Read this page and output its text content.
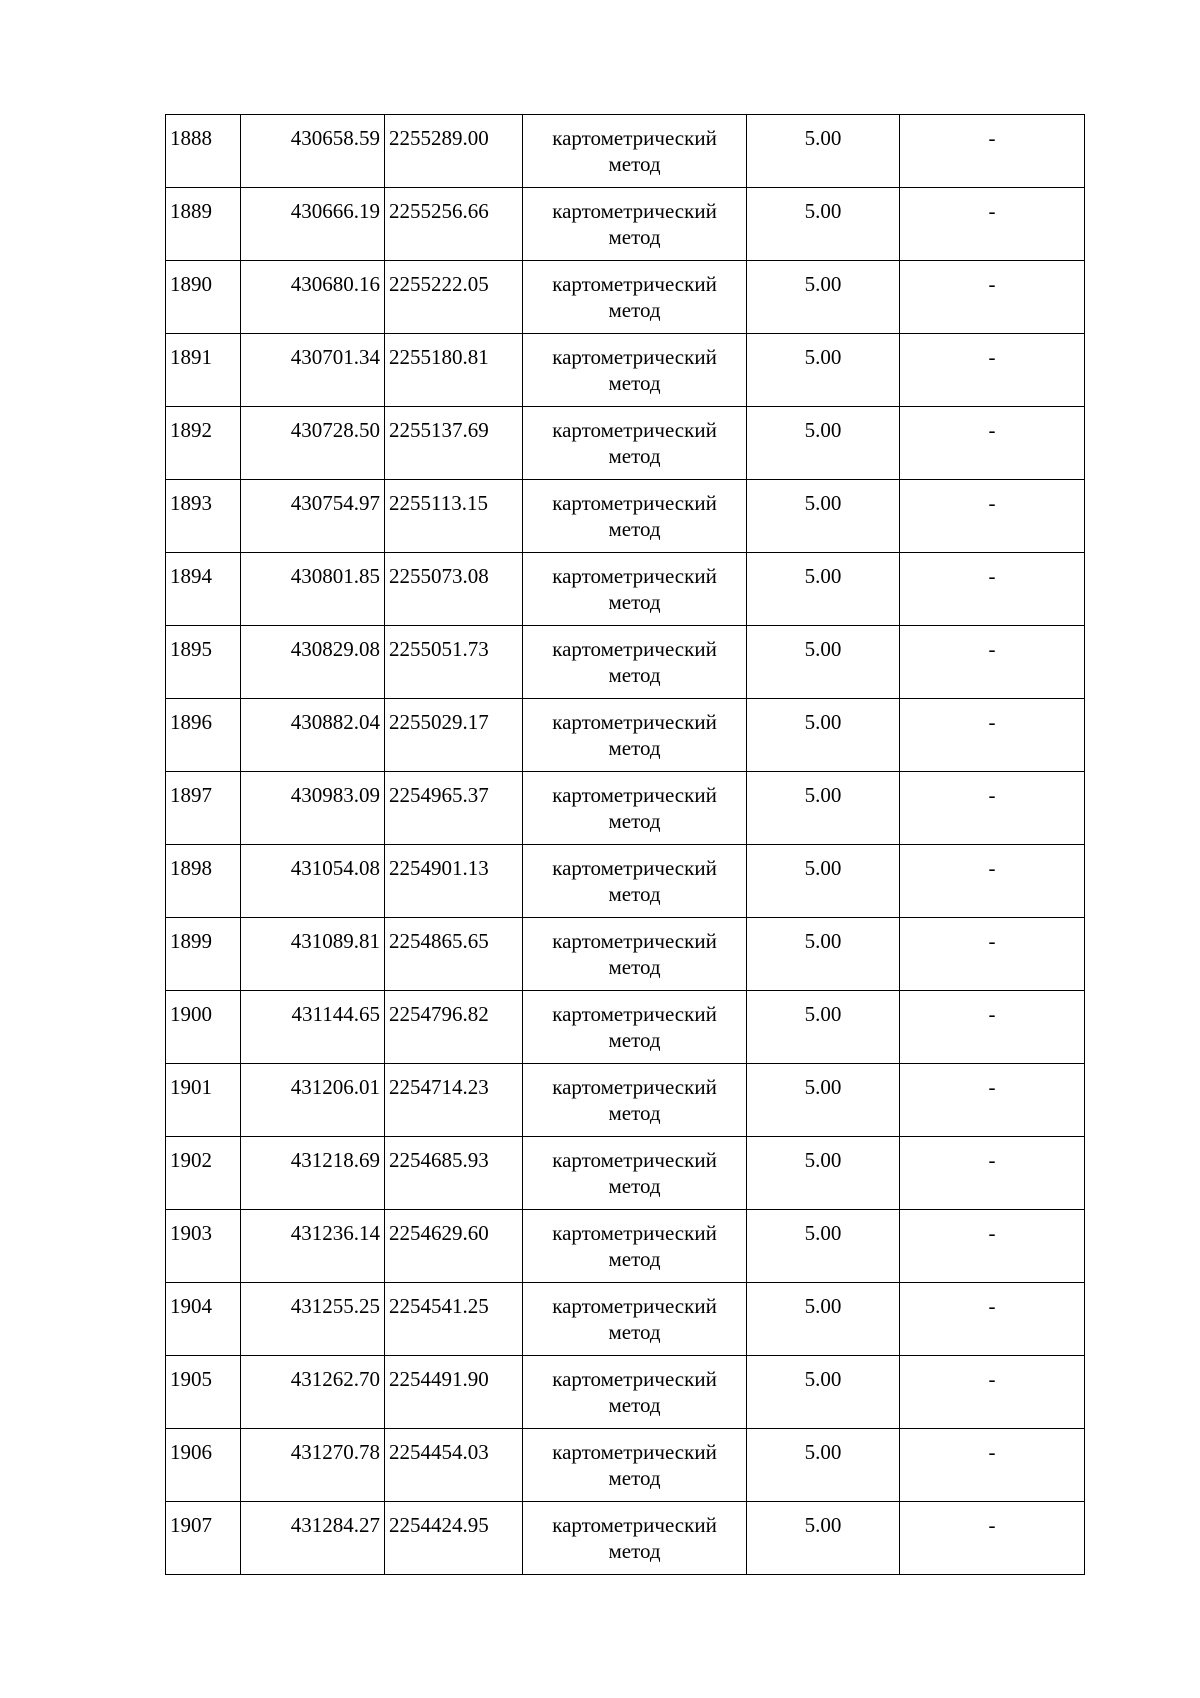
1888	430658.59	2255289.00	картометрический метод	5.00	-
1889	430666.19	2255256.66	картометрический метод	5.00	-
1890	430680.16	2255222.05	картометрический метод	5.00	-
1891	430701.34	2255180.81	картометрический метод	5.00	-
1892	430728.50	2255137.69	картометрический метод	5.00	-
1893	430754.97	2255113.15	картометрический метод	5.00	-
1894	430801.85	2255073.08	картометрический метод	5.00	-
1895	430829.08	2255051.73	картометрический метод	5.00	-
1896	430882.04	2255029.17	картометрический метод	5.00	-
1897	430983.09	2254965.37	картометрический метод	5.00	-
1898	431054.08	2254901.13	картометрический метод	5.00	-
1899	431089.81	2254865.65	картометрический метод	5.00	-
1900	431144.65	2254796.82	картометрический метод	5.00	-
1901	431206.01	2254714.23	картометрический метод	5.00	-
1902	431218.69	2254685.93	картометрический метод	5.00	-
1903	431236.14	2254629.60	картометрический метод	5.00	-
1904	431255.25	2254541.25	картометрический метод	5.00	-
1905	431262.70	2254491.90	картометрический метод	5.00	-
1906	431270.78	2254454.03	картометрический метод	5.00	-
1907	431284.27	2254424.95	картометрический метод	5.00	-
